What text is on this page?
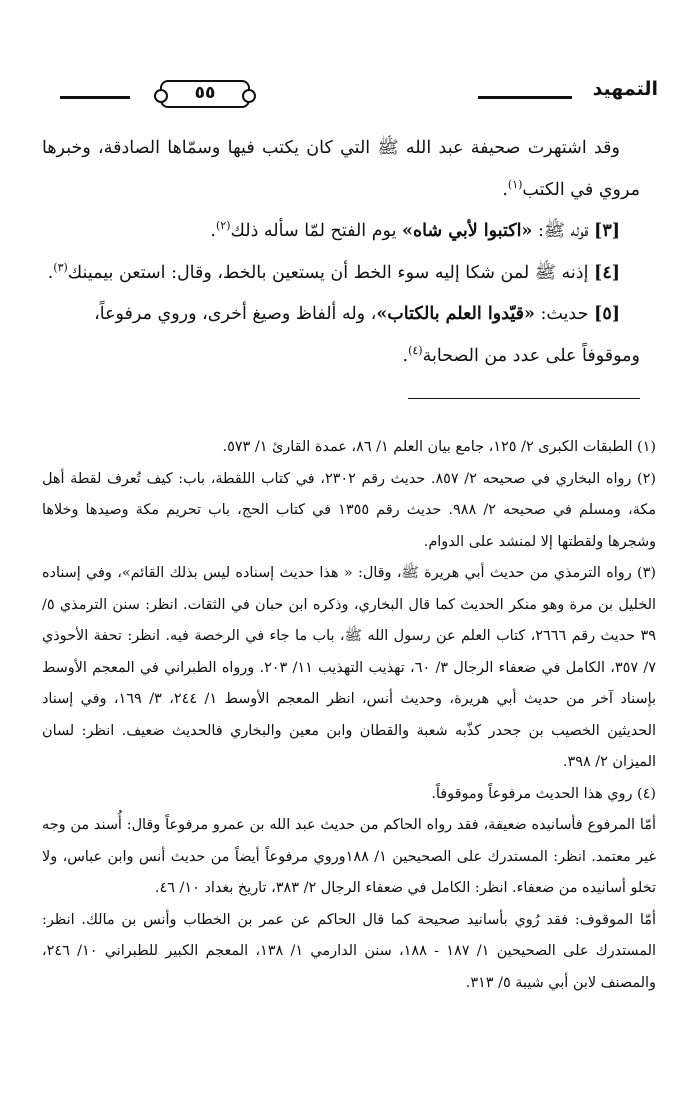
التمهيد
٥٥

وقد اشتهرت صحيفة عبد الله ﷺ التي كان يكتب فيها وسمّاها الصادقة، وخبرها مروي في الكتب$^{(١)}$.

[٣] قوله ﷺ: «اكتبوا لأبي شاه» يوم الفتح لمّا سأله ذلك$^{(٢)}$.

[٤] إذنه ﷺ لمن شكا إليه سوء الخط أن يستعين بالخط، وقال: استعن بيمينك$^{(٣)}$.

[٥] حديث: «قيّدوا العلم بالكتاب»، وله ألفاظ وصيغ أخرى، وروي مرفوعاً، وموقوفاً على عدد من الصحابة$^{(٤)}$.

(١) الطبقات الكبرى ٢/ ١٢٥، جامع بيان العلم ١/ ٨٦، عمدة القارئ ١/ ٥٧٣.

(٢) رواه البخاري في صحيحه ٢/ ٨٥٧. حديث رقم ٢٣٠٢، في كتاب اللقطة، باب: كيف تُعرف لقطة أهل مكة، ومسلم في صحيحه ٢/ ٩٨٨. حديث رقم ١٣٥٥ في كتاب الحج، باب تحريم مكة وصيدها وخلاها وشجرها ولقطتها إلا لمنشد على الدوام.

(٣) رواه الترمذي من حديث أبي هريرة ﷺ، وقال: « هذا حديث إسناده ليس بذلك القائم»، وفي إسناده الخليل بن مرة وهو منكر الحديث كما قال البخاري، وذكره ابن حبان في الثقات. انظر: سنن الترمذي ٥/ ٣٩ حديث رقم ٢٦٦٦، كتاب العلم عن رسول الله ﷺ، باب ما جاء في الرخصة فيه. انظر: تحفة الأحوذي ٧/ ٣٥٧، الكامل في ضعفاء الرجال ٣/ ٦٠، تهذيب التهذيب ١١/ ٢٠٣. ورواه الطبراني في المعجم الأوسط بإسناد آخر من حديث أبي هريرة، وحديث أنس، انظر المعجم الأوسط ١/ ٢٤٤، ٣/ ١٦٩، وفي إسناد الحديثين الخصيب بن جحدر كذّبه شعبة والقطان وابن معين والبخاري فالحديث ضعيف. انظر: لسان الميزان ٢/ ٣٩٨.

(٤) روي هذا الحديث مرفوعاً وموقوفاً.

أمّا المرفوع فأسانيده ضعيفة، فقد رواه الحاكم من حديث عبد الله بن عمرو مرفوعاً وقال: أُسند من وجه غير معتمد. انظر: المستدرك على الصحيحين ١/ ١٨٨وروي مرفوعاً أيضاً من حديث أنس وابن عباس، ولا تخلو أسانيده من ضعفاء. انظر: الكامل في ضعفاء الرجال ٢/ ٣٨٣، تاريخ بغداد ١٠/ ٤٦.

أمّا الموقوف: فقد رُوي بأسانيد صحيحة كما قال الحاكم عن عمر بن الخطاب وأنس بن مالك. انظر: المستدرك على الصحيحين ١/ ١٨٧ - ١٨٨، سنن الدارمي ١/ ١٣٨، المعجم الكبير للطبراني ١٠/ ٢٤٦، والمصنف لابن أبي شيبة ٥/ ٣١٣.
